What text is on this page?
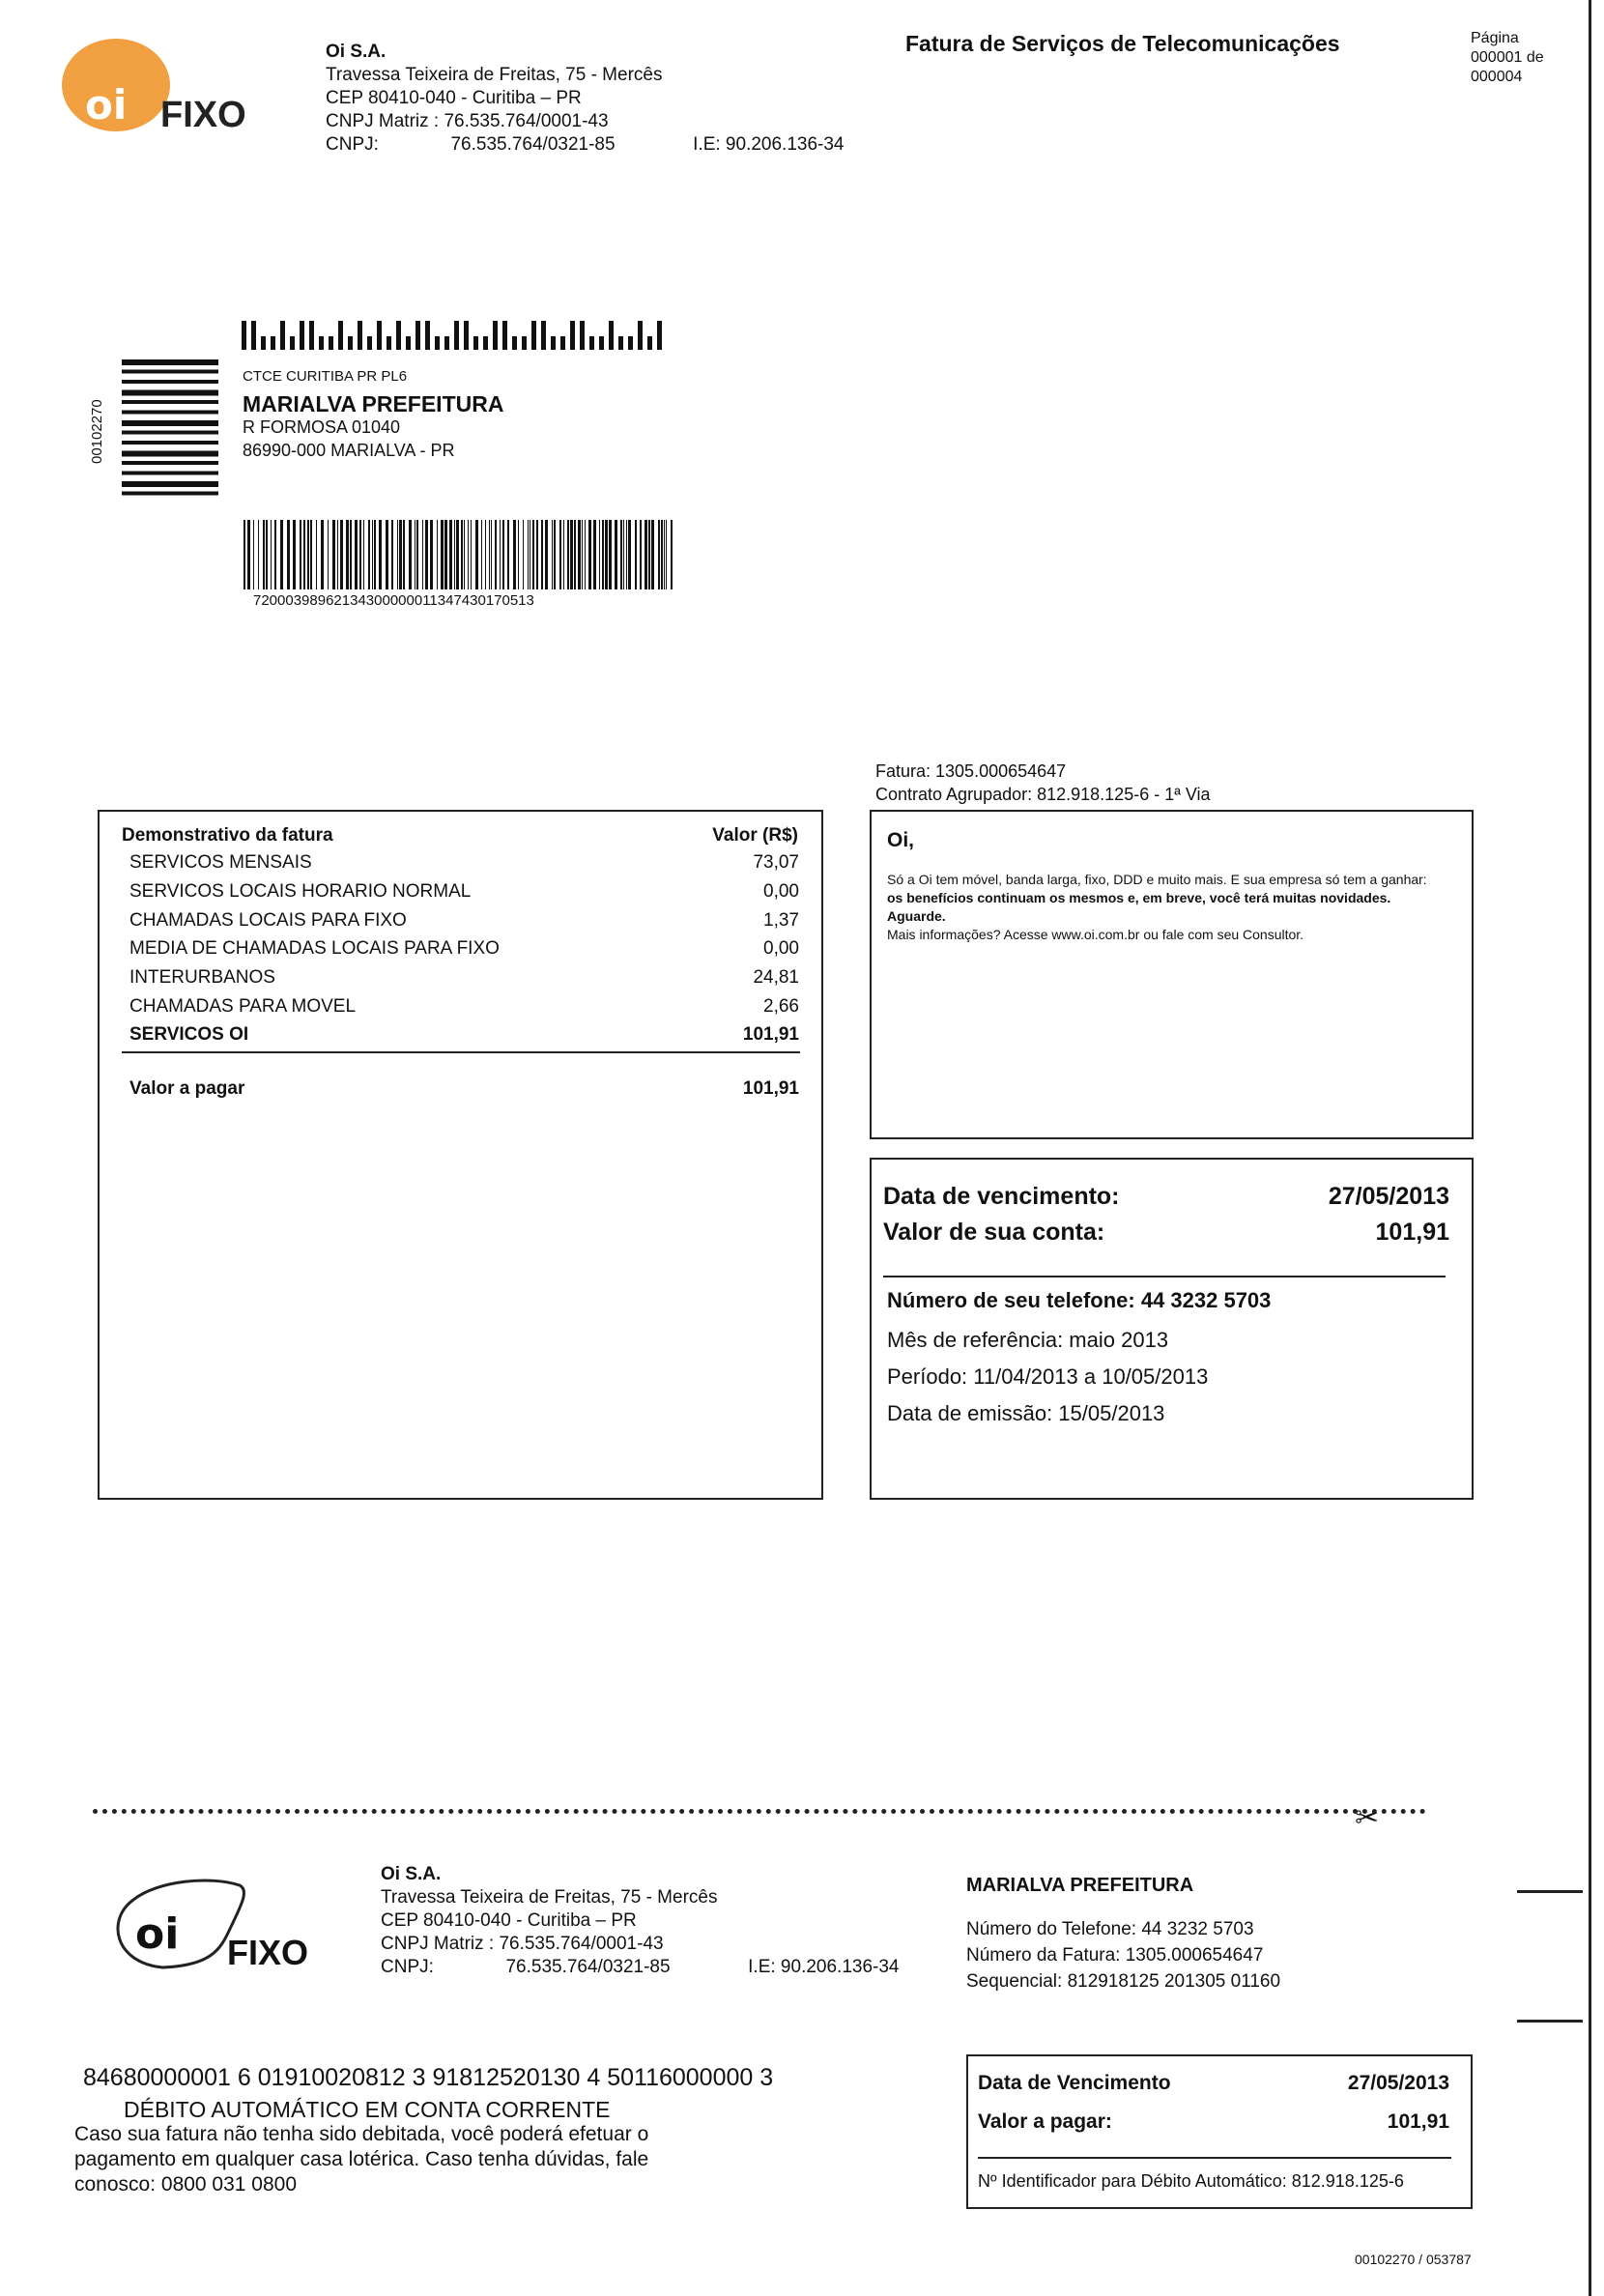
oi FIXO
Oi S.A.
Travessa Teixeira de Freitas, 75 - Mercês
CEP 80410-040 - Curitiba – PR
CNPJ Matriz : 76.535.764/0001-43
CNPJ:	76.535.764/0321-85	I.E: 90.206.136-34
Fatura de Serviços de Telecomunicações	Página
000001 de
000004
00102270
CTCE CURITIBA PR PL6
MARIALVA PREFEITURA
R FORMOSA 01040
86990-000 MARIALVA - PR
72000398962134300000011347430170513
Fatura: 1305.000654647
Contrato Agrupador: 812.918.125-6 - 1ª Via
Demonstrativo da fatura	Valor (R$)
SERVICOS MENSAIS	73,07
SERVICOS LOCAIS HORARIO NORMAL	0,00
CHAMADAS LOCAIS PARA FIXO	1,37
MEDIA DE CHAMADAS LOCAIS PARA FIXO	0,00
INTERURBANOS	24,81
CHAMADAS PARA MOVEL	2,66
SERVICOS OI	101,91
Valor a pagar	101,91
Oi,
Só a Oi tem móvel, banda larga, fixo, DDD e muito mais. E sua empresa só tem a ganhar: os benefícios continuam os mesmos e, em breve, você terá muitas novidades. Aguarde.
Mais informações? Acesse www.oi.com.br ou fale com seu Consultor.
Data de vencimento:	27/05/2013
Valor de sua conta:	101,91
Número de seu telefone: 44 3232 5703
Mês de referência: maio 2013
Período: 11/04/2013 a 10/05/2013
Data de emissão: 15/05/2013
✂
oi FIXO
Oi S.A.
Travessa Teixeira de Freitas, 75 - Mercês
CEP 80410-040 - Curitiba – PR
CNPJ Matriz : 76.535.764/0001-43
CNPJ:	76.535.764/0321-85	I.E: 90.206.136-34
MARIALVA PREFEITURA
Número do Telefone: 44 3232 5703
Número da Fatura: 1305.000654647
Sequencial: 812918125 201305 01160
84680000001 6 01910020812 3 91812520130 4 50116000000 3
DÉBITO AUTOMÁTICO EM CONTA CORRENTE
Caso sua fatura não tenha sido debitada, você poderá efetuar o pagamento em qualquer casa lotérica. Caso tenha dúvidas, fale conosco: 0800 031 0800
Data de Vencimento	27/05/2013
Valor a pagar:	101,91
Nº Identificador para Débito Automático: 812.918.125-6
00102270 / 053787
